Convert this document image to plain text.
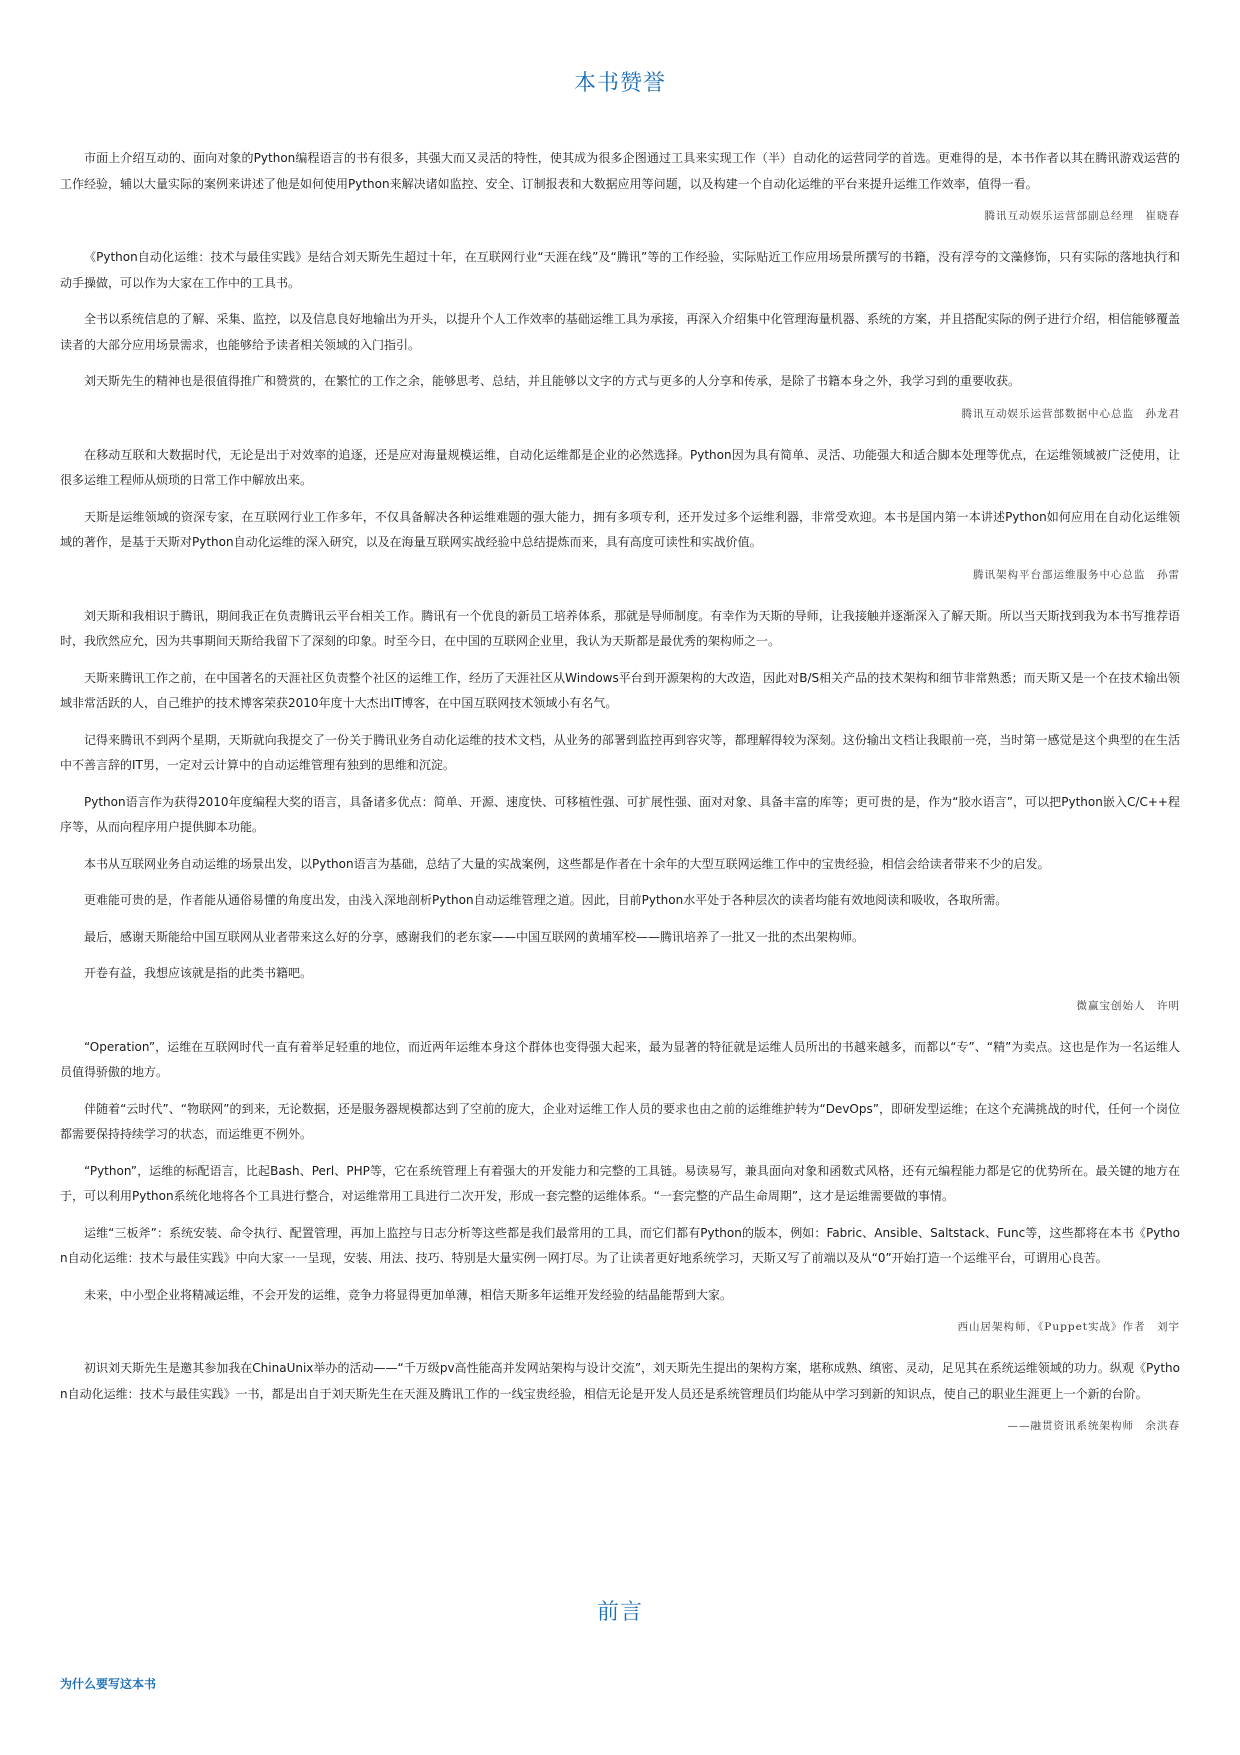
本书赞誉

市面上介绍互动的、面向对象的Python编程语言的书有很多，其强大而又灵活的特性，使其成为很多企图通过工具来实现工作（半）自动化的运营同学的首选。更难得的是，本书作者以其在腾讯游戏运营的工作经验，辅以大量实际的案例来讲述了他是如何使用Python来解决诸如监控、安全、订制报表和大数据应用等问题，以及构建一个自动化运维的平台来提升运维工作效率，值得一看。

腾讯互动娱乐运营部副总经理　崔晓春

《Python自动化运维：技术与最佳实践》是结合刘天斯先生超过十年，在互联网行业“天涯在线”及“腾讯”等的工作经验，实际贴近工作应用场景所撰写的书籍，没有浮夸的文藻修饰，只有实际的落地执行和动手操做，可以作为大家在工作中的工具书。

全书以系统信息的了解、采集、监控，以及信息良好地输出为开头，以提升个人工作效率的基础运维工具为承接，再深入介绍集中化管理海量机器、系统的方案，并且搭配实际的例子进行介绍，相信能够覆盖读者的大部分应用场景需求，也能够给予读者相关领域的入门指引。

刘天斯先生的精神也是很值得推广和赞赏的，在繁忙的工作之余，能够思考、总结，并且能够以文字的方式与更多的人分享和传承，是除了书籍本身之外，我学习到的重要收获。

腾讯互动娱乐运营部数据中心总监　孙龙君

在移动互联和大数据时代，无论是出于对效率的追逐，还是应对海量规模运维，自动化运维都是企业的必然选择。Python因为具有简单、灵活、功能强大和适合脚本处理等优点，在运维领域被广泛使用，让很多运维工程师从烦琐的日常工作中解放出来。

天斯是运维领域的资深专家，在互联网行业工作多年，不仅具备解决各种运维难题的强大能力，拥有多项专利，还开发过多个运维利器，非常受欢迎。本书是国内第一本讲述Python如何应用在自动化运维领域的著作，是基于天斯对Python自动化运维的深入研究，以及在海量互联网实战经验中总结提炼而来，具有高度可读性和实战价值。

腾讯架构平台部运维服务中心总监　孙雷

刘天斯和我相识于腾讯，期间我正在负责腾讯云平台相关工作。腾讯有一个优良的新员工培养体系，那就是导师制度。有幸作为天斯的导师，让我接触并逐渐深入了解天斯。所以当天斯找到我为本书写推荐语时，我欣然应允，因为共事期间天斯给我留下了深刻的印象。时至今日，在中国的互联网企业里，我认为天斯都是最优秀的架构师之一。

天斯来腾讯工作之前，在中国著名的天涯社区负责整个社区的运维工作，经历了天涯社区从Windows平台到开源架构的大改造，因此对B/S相关产品的技术架构和细节非常熟悉；而天斯又是一个在技术输出领域非常活跃的人，自己维护的技术博客荣获2010年度十大杰出IT博客，在中国互联网技术领域小有名气。

记得来腾讯不到两个星期，天斯就向我提交了一份关于腾讯业务自动化运维的技术文档，从业务的部署到监控再到容灾等，都理解得较为深刻。这份输出文档让我眼前一亮，当时第一感觉是这个典型的在生活中不善言辞的IT男，一定对云计算中的自动运维管理有独到的思维和沉淀。

Python语言作为获得2010年度编程大奖的语言，具备诸多优点：简单、开源、速度快、可移植性强、可扩展性强、面对对象、具备丰富的库等；更可贵的是，作为“胶水语言”，可以把Python嵌入C/C++程序等，从而向程序用户提供脚本功能。

本书从互联网业务自动运维的场景出发，以Python语言为基础，总结了大量的实战案例，这些都是作者在十余年的大型互联网运维工作中的宝贵经验，相信会给读者带来不少的启发。

更难能可贵的是，作者能从通俗易懂的角度出发，由浅入深地剖析Python自动运维管理之道。因此，目前Python水平处于各种层次的读者均能有效地阅读和吸收，各取所需。

最后，感谢天斯能给中国互联网从业者带来这么好的分享，感谢我们的老东家——中国互联网的黄埔军校——腾讯培养了一批又一批的杰出架构师。

开卷有益，我想应该就是指的此类书籍吧。

微赢宝创始人　许明

“Operation”，运维在互联网时代一直有着举足轻重的地位，而近两年运维本身这个群体也变得强大起来，最为显著的特征就是运维人员所出的书越来越多，而都以“专”、“精”为卖点。这也是作为一名运维人员值得骄傲的地方。

伴随着“云时代”、“物联网”的到来，无论数据，还是服务器规模都达到了空前的庞大，企业对运维工作人员的要求也由之前的运维维护转为“DevOps”，即研发型运维；在这个充满挑战的时代，任何一个岗位都需要保持持续学习的状态，而运维更不例外。

“Python”，运维的标配语言，比起Bash、Perl、PHP等，它在系统管理上有着强大的开发能力和完整的工具链。易读易写，兼具面向对象和函数式风格，还有元编程能力都是它的优势所在。最关键的地方在于，可以利用Python系统化地将各个工具进行整合，对运维常用工具进行二次开发，形成一套完整的运维体系。“一套完整的产品生命周期”，这才是运维需要做的事情。

运维“三板斧”：系统安装、命令执行、配置管理，再加上监控与日志分析等这些都是我们最常用的工具，而它们都有Python的版本，例如：Fabric、Ansible、Saltstack、Func等，这些都将在本书《Python自动化运维：技术与最佳实践》中向大家一一呈现，安装、用法、技巧、特别是大量实例一网打尽。为了让读者更好地系统学习，天斯又写了前端以及从“0”开始打造一个运维平台，可谓用心良苦。

未来，中小型企业将精减运维，不会开发的运维，竞争力将显得更加单薄，相信天斯多年运维开发经验的结晶能帮到大家。

西山居架构师，《Puppet实战》作者　刘宇

初识刘天斯先生是邀其参加我在ChinaUnix举办的活动——“千万级pv高性能高并发网站架构与设计交流”，刘天斯先生提出的架构方案，堪称成熟、缜密、灵动，足见其在系统运维领域的功力。纵观《Python自动化运维：技术与最佳实践》一书，都是出自于刘天斯先生在天涯及腾讯工作的一线宝贵经验，相信无论是开发人员还是系统管理员们均能从中学习到新的知识点，使自己的职业生涯更上一个新的台阶。

——融贯资讯系统架构师　余洪春
前言
为什么要写这本书
